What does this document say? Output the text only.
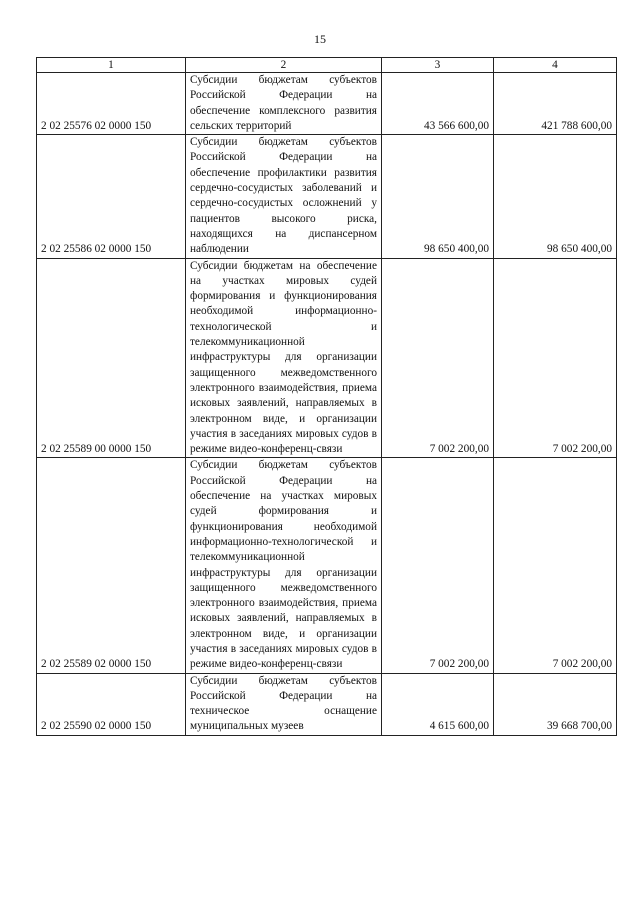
15
1	2	3	4
2 02 25576 02 0000 150	Субсидии бюджетам субъектов Российской Федерации на обеспечение комплексного развития сельских территорий	43 566 600,00	421 788 600,00
2 02 25586 02 0000 150	Субсидии бюджетам субъектов Российской Федерации на обеспечение профилактики развития сердечно-сосудистых заболеваний и сердечно-сосудистых осложнений у пациентов высокого риска, находящихся на диспансерном наблюдении	98 650 400,00	98 650 400,00
2 02 25589 00 0000 150	Субсидии бюджетам на обеспечение на участках мировых судей формирования и функционирования необходимой информационно-технологической и телекоммуникационной инфраструктуры для организации защищенного межведомственного электронного взаимодействия, приема исковых заявлений, направляемых в электронном виде, и организации участия в заседаниях мировых судов в режиме видео-конференц-связи	7 002 200,00	7 002 200,00
2 02 25589 02 0000 150	Субсидии бюджетам субъектов Российской Федерации на обеспечение на участках мировых судей формирования и функционирования необходимой информационно-технологической и телекоммуникационной инфраструктуры для организации защищенного межведомственного электронного взаимодействия, приема исковых заявлений, направляемых в электронном виде, и организации участия в заседаниях мировых судов в режиме видео-конференц-связи	7 002 200,00	7 002 200,00
2 02 25590 02 0000 150	Субсидии бюджетам субъектов Российской Федерации на техническое оснащение муниципальных музеев	4 615 600,00	39 668 700,00
